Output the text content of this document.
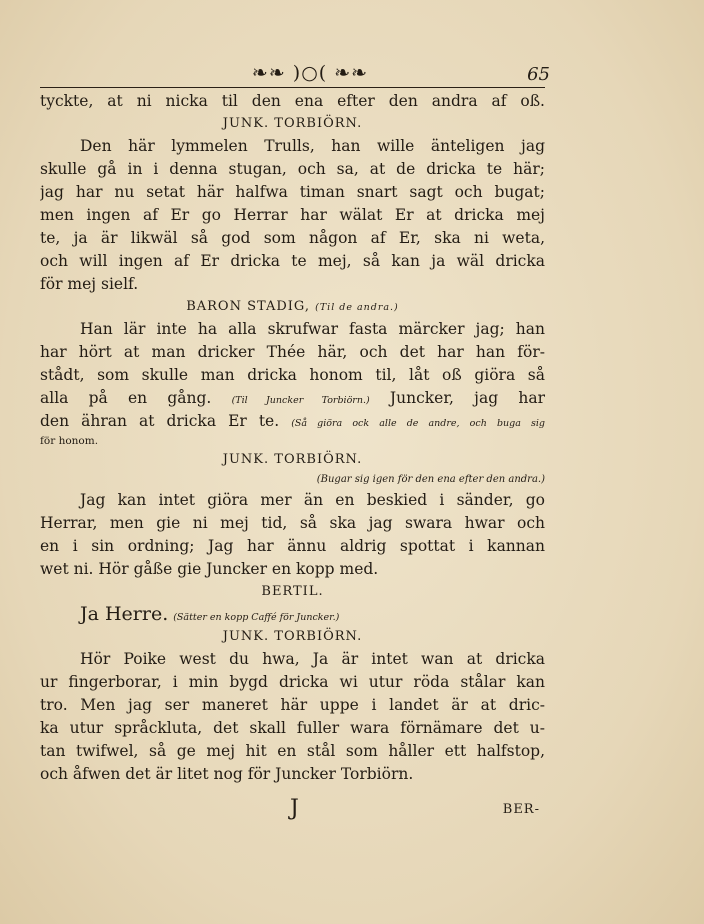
❧❧ )○( ❧❧	65
tyckte, at ni nicka til den ena efter den andra af oß.
JUNK. TORBIÖRN.
Den här lymmelen Trulls, han wille änteligen jag
skulle gå in i denna stugan, och sa, at de dricka te här;
jag har nu setat här halfwa timan snart sagt och bugat;
men ingen af Er go Herrar har wälat Er at dricka mej
te, ja är likwäl så god som någon af Er, ska ni weta,
och will ingen af Er dricka te mej, så kan ja wäl dricka
för mej sielf.
BARON STADIG, (Til de andra.)
Han lär inte ha alla skrufwar fasta märcker jag; han
har hört at man dricker Thée här, och det har han för-
stådt, som skulle man dricka honom til, låt oß giöra så
alla på en gång. (Til Juncker Torbiörn.) Juncker, jag har
den ähran at dricka Er te. (Så giöra ock alle de andre, och buga sig
för honom.
JUNK. TORBIÖRN.
(Bugar sig igen för den ena efter den andra.)
Jag kan intet giöra mer än en beskied i sänder, go
Herrar, men gie ni mej tid, så ska jag swara hwar och
en i sin ordning; Jag har ännu aldrig spottat i kannan
wet ni. Hör gåße gie Juncker en kopp med.
BERTIL.
Ja Herre. (Sätter en kopp Caffé för Juncker.)
JUNK. TORBIÖRN.
Hör Poike west du hwa, Ja är intet wan at dricka
ur fingerborar, i min bygd dricka wi utur röda stålar kan
tro. Men jag ser maneret här uppe i landet är at dric-
ka utur språckluta, det skall fuller wara förnämare det u-
tan twifwel, så ge mej hit en stål som håller ett halfstop,
och åfwen det är litet nog för Juncker Torbiörn.
J	BER-
